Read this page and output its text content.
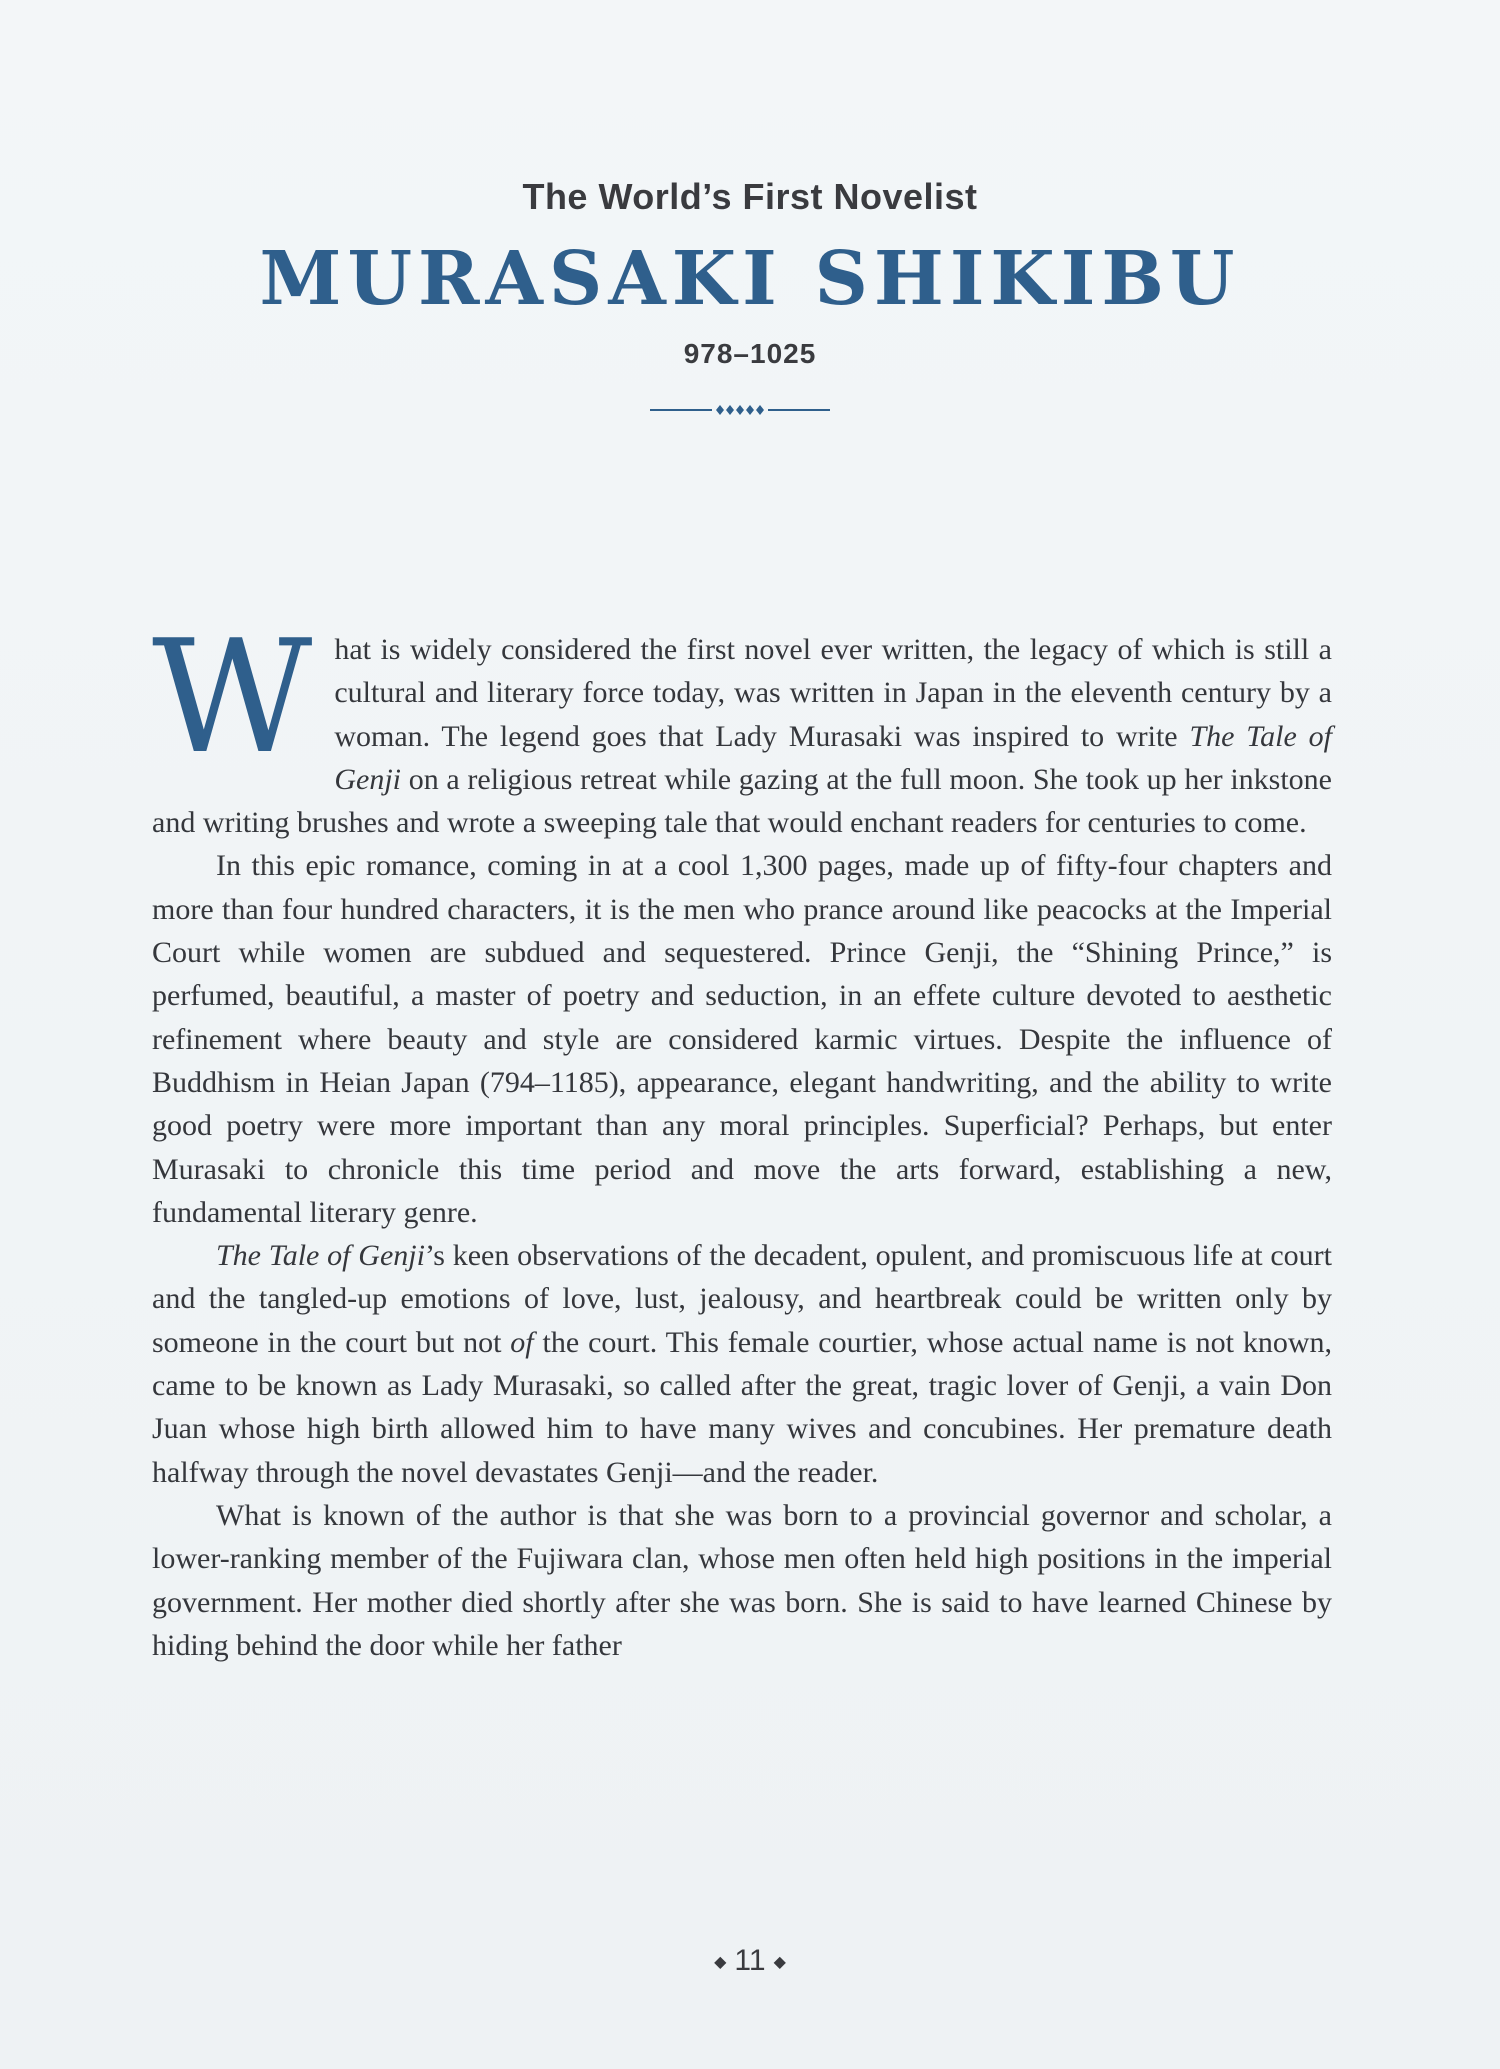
The World’s First Novelist
MURASAKI SHIKIBU
978–1025

What is widely considered the first novel ever written, the legacy of which is still a cultural and literary force today, was written in Japan in the eleventh century by a woman. The legend goes that Lady Murasaki was inspired to write The Tale of Genji on a religious retreat while gazing at the full moon. She took up her inkstone and writing brushes and wrote a sweeping tale that would enchant readers for centuries to come.

In this epic romance, coming in at a cool 1,300 pages, made up of fifty-four chapters and more than four hundred characters, it is the men who prance around like peacocks at the Imperial Court while women are subdued and sequestered. Prince Genji, the “Shining Prince,” is perfumed, beautiful, a master of poetry and seduction, in an effete culture devoted to aesthetic refinement where beauty and style are considered karmic virtues. Despite the influence of Buddhism in Heian Japan (794–1185), appearance, elegant handwriting, and the ability to write good poetry were more important than any moral principles. Superficial? Perhaps, but enter Murasaki to chronicle this time period and move the arts forward, establishing a new, fundamental literary genre.

The Tale of Genji’s keen observations of the decadent, opulent, and promiscuous life at court and the tangled-up emotions of love, lust, jealousy, and heartbreak could be written only by someone in the court but not of the court. This female courtier, whose actual name is not known, came to be known as Lady Murasaki, so called after the great, tragic lover of Genji, a vain Don Juan whose high birth allowed him to have many wives and concubines. Her premature death halfway through the novel devastates Genji—and the reader.

What is known of the author is that she was born to a provincial governor and scholar, a lower-ranking member of the Fujiwara clan, whose men often held high positions in the imperial government. Her mother died shortly after she was born. She is said to have learned Chinese by hiding behind the door while her father

◆ 11 ◆
